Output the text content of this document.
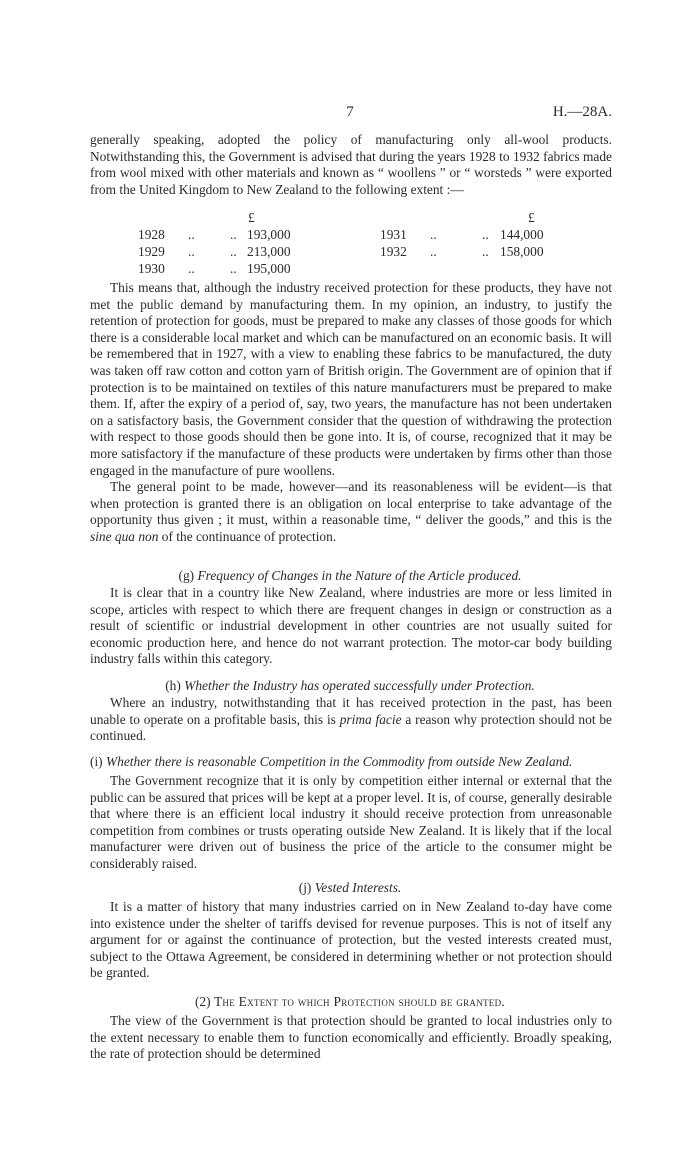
7	H.—28A.

generally speaking, adopted the policy of manufacturing only all-wool products. Notwithstanding this, the Government is advised that during the years 1928 to 1932 fabrics made from wool mixed with other materials and known as “ woollens ” or “ worsteds ” were exported from the United Kingdom to New Zealand to the following extent :—

£	£
1928 ..	.. 193,000	1931 ..	.. 144,000
1929 ..	.. 213,000	1932 ..	.. 158,000
1930 ..	.. 195,000

This means that, although the industry received protection for these products, they have not met the public demand by manufacturing them. In my opinion, an industry, to justify the retention of protection for goods, must be prepared to make any classes of those goods for which there is a considerable local market and which can be manufactured on an economic basis. It will be remembered that in 1927, with a view to enabling these fabrics to be manufactured, the duty was taken off raw cotton and cotton yarn of British origin. The Government are of opinion that if protection is to be maintained on textiles of this nature manufacturers must be prepared to make them. If, after the expiry of a period of, say, two years, the manufacture has not been undertaken on a satisfactory basis, the Government consider that the question of withdrawing the protection with respect to those goods should then be gone into. It is, of course, recognized that it may be more satisfactory if the manufacture of these products were undertaken by firms other than those engaged in the manufacture of pure woollens.

The general point to be made, however—and its reasonableness will be evident—is that when protection is granted there is an obligation on local enterprise to take advantage of the opportunity thus given ; it must, within a reasonable time, “ deliver the goods,” and this is the sine qua non of the continuance of protection.

(g) Frequency of Changes in the Nature of the Article produced.

It is clear that in a country like New Zealand, where industries are more or less limited in scope, articles with respect to which there are frequent changes in design or construction as a result of scientific or industrial development in other countries are not usually suited for economic production here, and hence do not warrant protection. The motor-car body building industry falls within this category.

(h) Whether the Industry has operated successfully under Protection.

Where an industry, notwithstanding that it has received protection in the past, has been unable to operate on a profitable basis, this is prima facie a reason why protection should not be continued.

(i) Whether there is reasonable Competition in the Commodity from outside New Zealand.

The Government recognize that it is only by competition either internal or external that the public can be assured that prices will be kept at a proper level. It is, of course, generally desirable that where there is an efficient local industry it should receive protection from unreasonable competition from combines or trusts operating outside New Zealand. It is likely that if the local manufacturer were driven out of business the price of the article to the consumer might be considerably raised.

(j) Vested Interests.

It is a matter of history that many industries carried on in New Zealand to-day have come into existence under the shelter of tariffs devised for revenue purposes. This is not of itself any argument for or against the continuance of protection, but the vested interests created must, subject to the Ottawa Agreement, be considered in determining whether or not protection should be granted.

(2) The Extent to which Protection should be granted.

The view of the Government is that protection should be granted to local industries only to the extent necessary to enable them to function economically and efficiently. Broadly speaking, the rate of protection should be determined
